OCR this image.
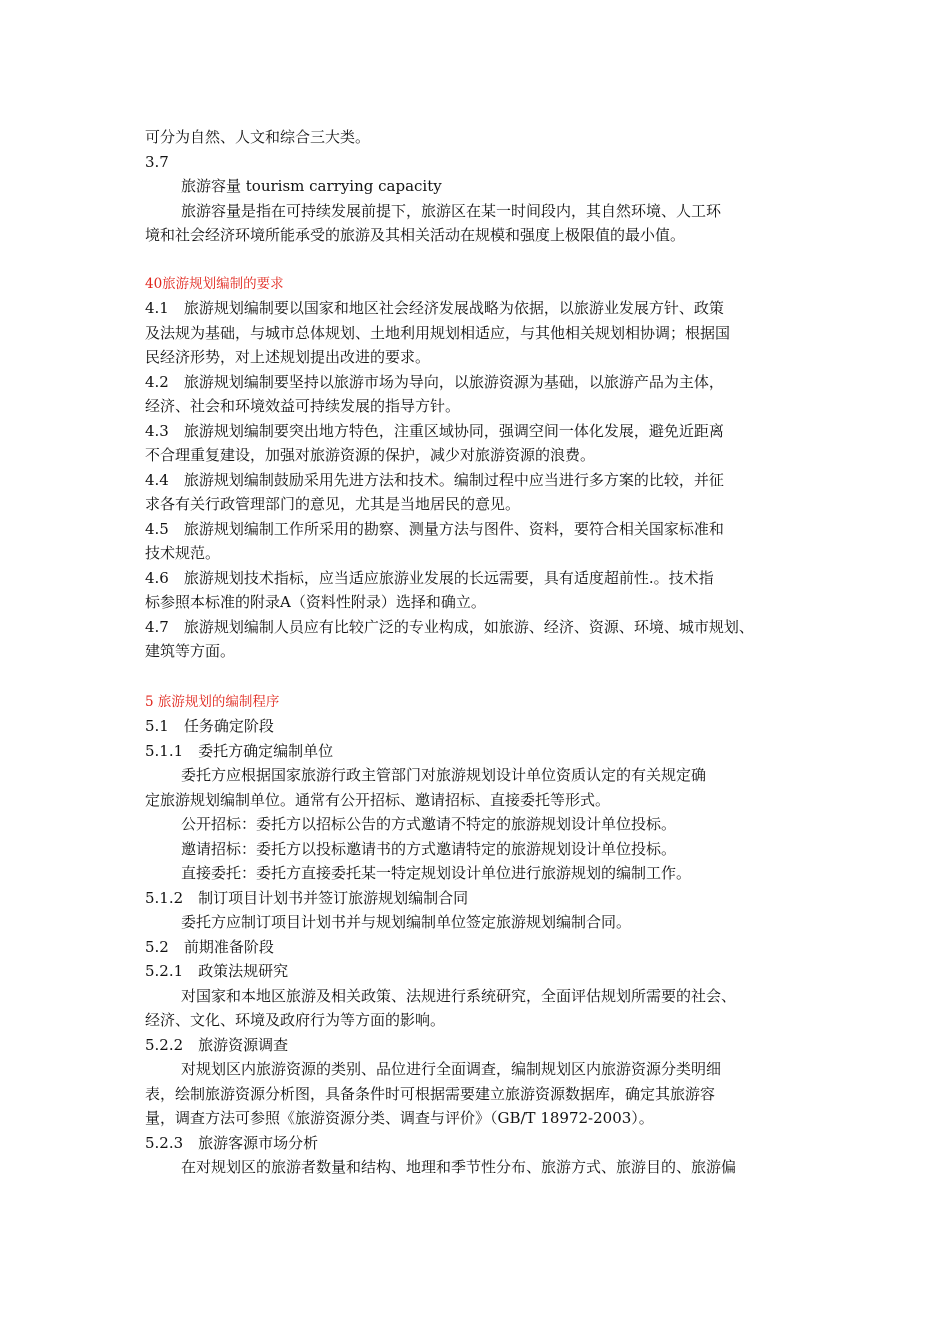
可分为自然、人文和综合三大类。

3.7

旅游容量 tourism carrying capacity

旅游容量是指在可持续发展前提下，旅游区在某一时间段内，其自然环境、人工环

境和社会经济环境所能承受的旅游及其相关活动在规模和强度上极限值的最小值。

40旅游规划编制的要求

4.1　旅游规划编制要以国家和地区社会经济发展战略为依据，以旅游业发展方针、政策

及法规为基础，与城市总体规划、土地利用规划相适应，与其他相关规划相协调；根据国

民经济形势，对上述规划提出改进的要求。

4.2　旅游规划编制要坚持以旅游市场为导向，以旅游资源为基础，以旅游产品为主体，

经济、社会和环境效益可持续发展的指导方针。

4.3　旅游规划编制要突出地方特色，注重区域协同，强调空间一体化发展，避免近距离

不合理重复建设，加强对旅游资源的保护，减少对旅游资源的浪费。

4.4　旅游规划编制鼓励采用先进方法和技术。编制过程中应当进行多方案的比较，并征

求各有关行政管理部门的意见，尤其是当地居民的意见。

4.5　旅游规划编制工作所采用的勘察、测量方法与图件、资料，要符合相关国家标准和

技术规范。

4.6　旅游规划技术指标，应当适应旅游业发展的长远需要，具有适度超前性.。技术指

标参照本标准的附录A（资料性附录）选择和确立。

4.7　旅游规划编制人员应有比较广泛的专业构成，如旅游、经济、资源、环境、城市规划、

建筑等方面。

5 旅游规划的编制程序

5.1　任务确定阶段

5.1.1　委托方确定编制单位

委托方应根据国家旅游行政主管部门对旅游规划设计单位资质认定的有关规定确

定旅游规划编制单位。通常有公开招标、邀请招标、直接委托等形式。

公开招标：委托方以招标公告的方式邀请不特定的旅游规划设计单位投标。

邀请招标：委托方以投标邀请书的方式邀请特定的旅游规划设计单位投标。

直接委托：委托方直接委托某一特定规划设计单位进行旅游规划的编制工作。

5.1.2　制订项目计划书并签订旅游规划编制合同

委托方应制订项目计划书并与规划编制单位签定旅游规划编制合同。

5.2　前期准备阶段

5.2.1　政策法规研究

对国家和本地区旅游及相关政策、法规进行系统研究，全面评估规划所需要的社会、

经济、文化、环境及政府行为等方面的影响。

5.2.2　旅游资源调查

对规划区内旅游资源的类别、品位进行全面调查，编制规划区内旅游资源分类明细

表，绘制旅游资源分析图，具备条件时可根据需要建立旅游资源数据库，确定其旅游容

量，调查方法可参照《旅游资源分类、调查与评价》（GB/T 18972-2003）。

5.2.3　旅游客源市场分析

在对规划区的旅游者数量和结构、地理和季节性分布、旅游方式、旅游目的、旅游偏
